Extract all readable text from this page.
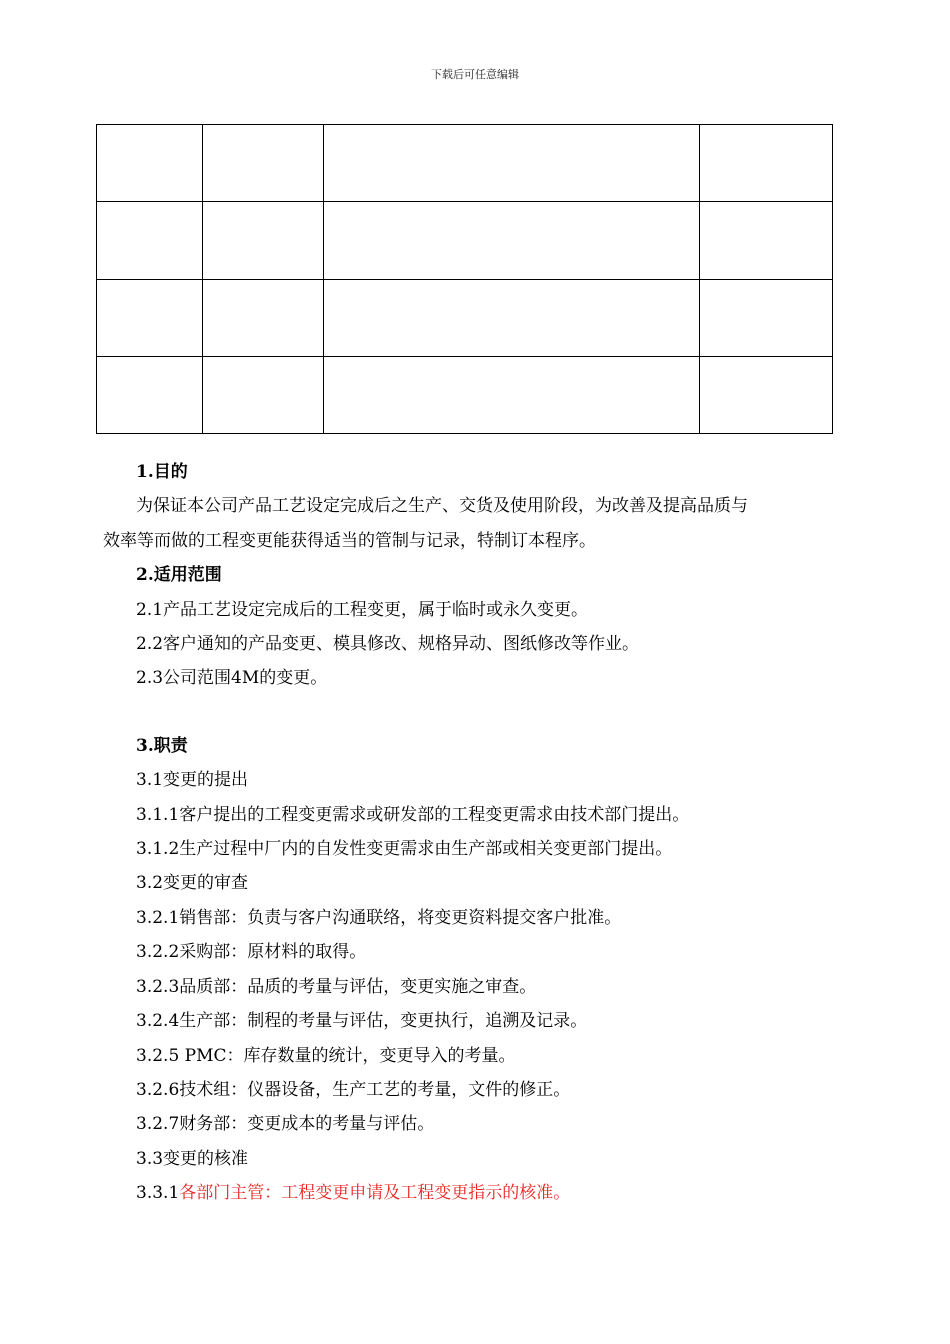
下载后可任意编辑

1.目的
为保证本公司产品工艺设定完成后之生产、交货及使用阶段，为改善及提高品质与
效率等而做的工程变更能获得适当的管制与记录，特制订本程序。
2.适用范围
2.1产品工艺设定完成后的工程变更，属于临时或永久变更。
2.2客户通知的产品变更、模具修改、规格异动、图纸修改等作业。
2.3公司范围4M的变更。
3.职责
3.1变更的提出
3.1.1客户提出的工程变更需求或研发部的工程变更需求由技术部门提出。
3.1.2生产过程中厂内的自发性变更需求由生产部或相关变更部门提出。
3.2变更的审查
3.2.1销售部：负责与客户沟通联络，将变更资料提交客户批准。
3.2.2采购部：原材料的取得。
3.2.3品质部：品质的考量与评估，变更实施之审查。
3.2.4生产部：制程的考量与评估，变更执行，追溯及记录。
3.2.5 PMC：库存数量的统计，变更导入的考量。
3.2.6技术组：仪器设备，生产工艺的考量，文件的修正。
3.2.7财务部：变更成本的考量与评估。
3.3变更的核准
3.3.1各部门主管：工程变更申请及工程变更指示的核准。
